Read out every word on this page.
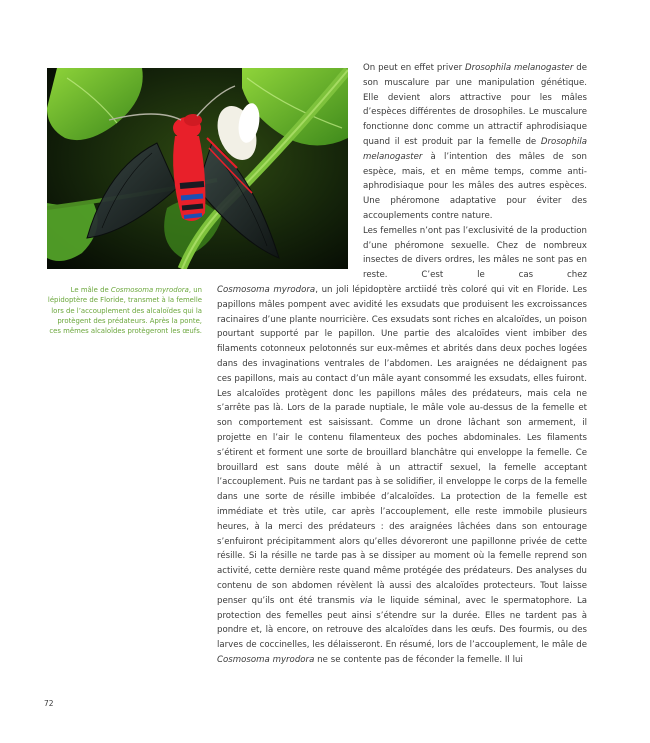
Le mâle de Cosmosoma myrodora, un lépidoptère de Floride, transmet à la femelle lors de l’accouplement des alcaloïdes qui la protègent des prédateurs. Après la ponte, ces mêmes alcaloïdes protègeront les œufs.

On peut en effet priver Drosophila melanogaster de son muscalure par une manipulation génétique. Elle devient alors attractive pour les mâles d’espèces différentes de drosophiles. Le muscalure fonctionne donc comme un attractif aphrodisiaque quand il est produit par la femelle de Drosophila melanogaster à l’intention des mâles de son espèce, mais, et en même temps, comme anti-aphrodisiaque pour les mâles des autres espèces. Une phéromone adaptative pour éviter des accouplements contre nature.

Les femelles n’ont pas l’exclusivité de la production d’une phéromone sexuelle. Chez de nombreux insectes de divers ordres, les mâles ne sont pas en reste. C’est le cas chez

Cosmosoma myrodora, un joli lépidoptère arctiidé très coloré qui vit en Floride. Les papillons mâles pompent avec avidité les exsudats que produisent les excroissances racinaires d’une plante nourricière. Ces exsudats sont riches en alcaloïdes, un poison pourtant supporté par le papillon. Une partie des alcaloïdes vient imbiber des filaments cotonneux pelotonnés sur eux-mêmes et abrités dans deux poches logées dans des invaginations ventrales de l’abdomen. Les araignées ne dédaignent pas ces papillons, mais au contact d’un mâle ayant consommé les exsudats, elles fuiront. Les alcaloïdes protègent donc les papillons mâles des prédateurs, mais cela ne s’arrête pas là. Lors de la parade nuptiale, le mâle vole au-dessus de la femelle et son comportement est saisissant. Comme un drone lâchant son armement, il projette en l’air le contenu filamenteux des poches abdominales. Les filaments s’étirent et forment une sorte de brouillard blanchâtre qui enveloppe la femelle. Ce brouillard est sans doute mêlé à un attractif sexuel, la femelle acceptant l’accouplement. Puis ne tardant pas à se solidifier, il enveloppe le corps de la femelle dans une sorte de résille imbibée d’alcaloïdes. La protection de la femelle est immédiate et très utile, car après l’accouplement, elle reste immobile plusieurs heures, à la merci des prédateurs : des araignées lâchées dans son entourage s’enfuiront précipitamment alors qu’elles dévoreront une papillonne privée de cette résille. Si la résille ne tarde pas à se dissiper au moment où la femelle reprend son activité, cette dernière reste quand même protégée des prédateurs. Des analyses du contenu de son abdomen révèlent là aussi des alcaloïdes protecteurs. Tout laisse penser qu’ils ont été transmis via le liquide séminal, avec le spermatophore. La protection des femelles peut ainsi s’étendre sur la durée. Elles ne tardent pas à pondre et, là encore, on retrouve des alcaloïdes dans les œufs. Des fourmis, ou des larves de coccinelles, les délaisseront. En résumé, lors de l’accouplement, le mâle de Cosmosoma myrodora ne se contente pas de féconder la femelle. Il lui

72
